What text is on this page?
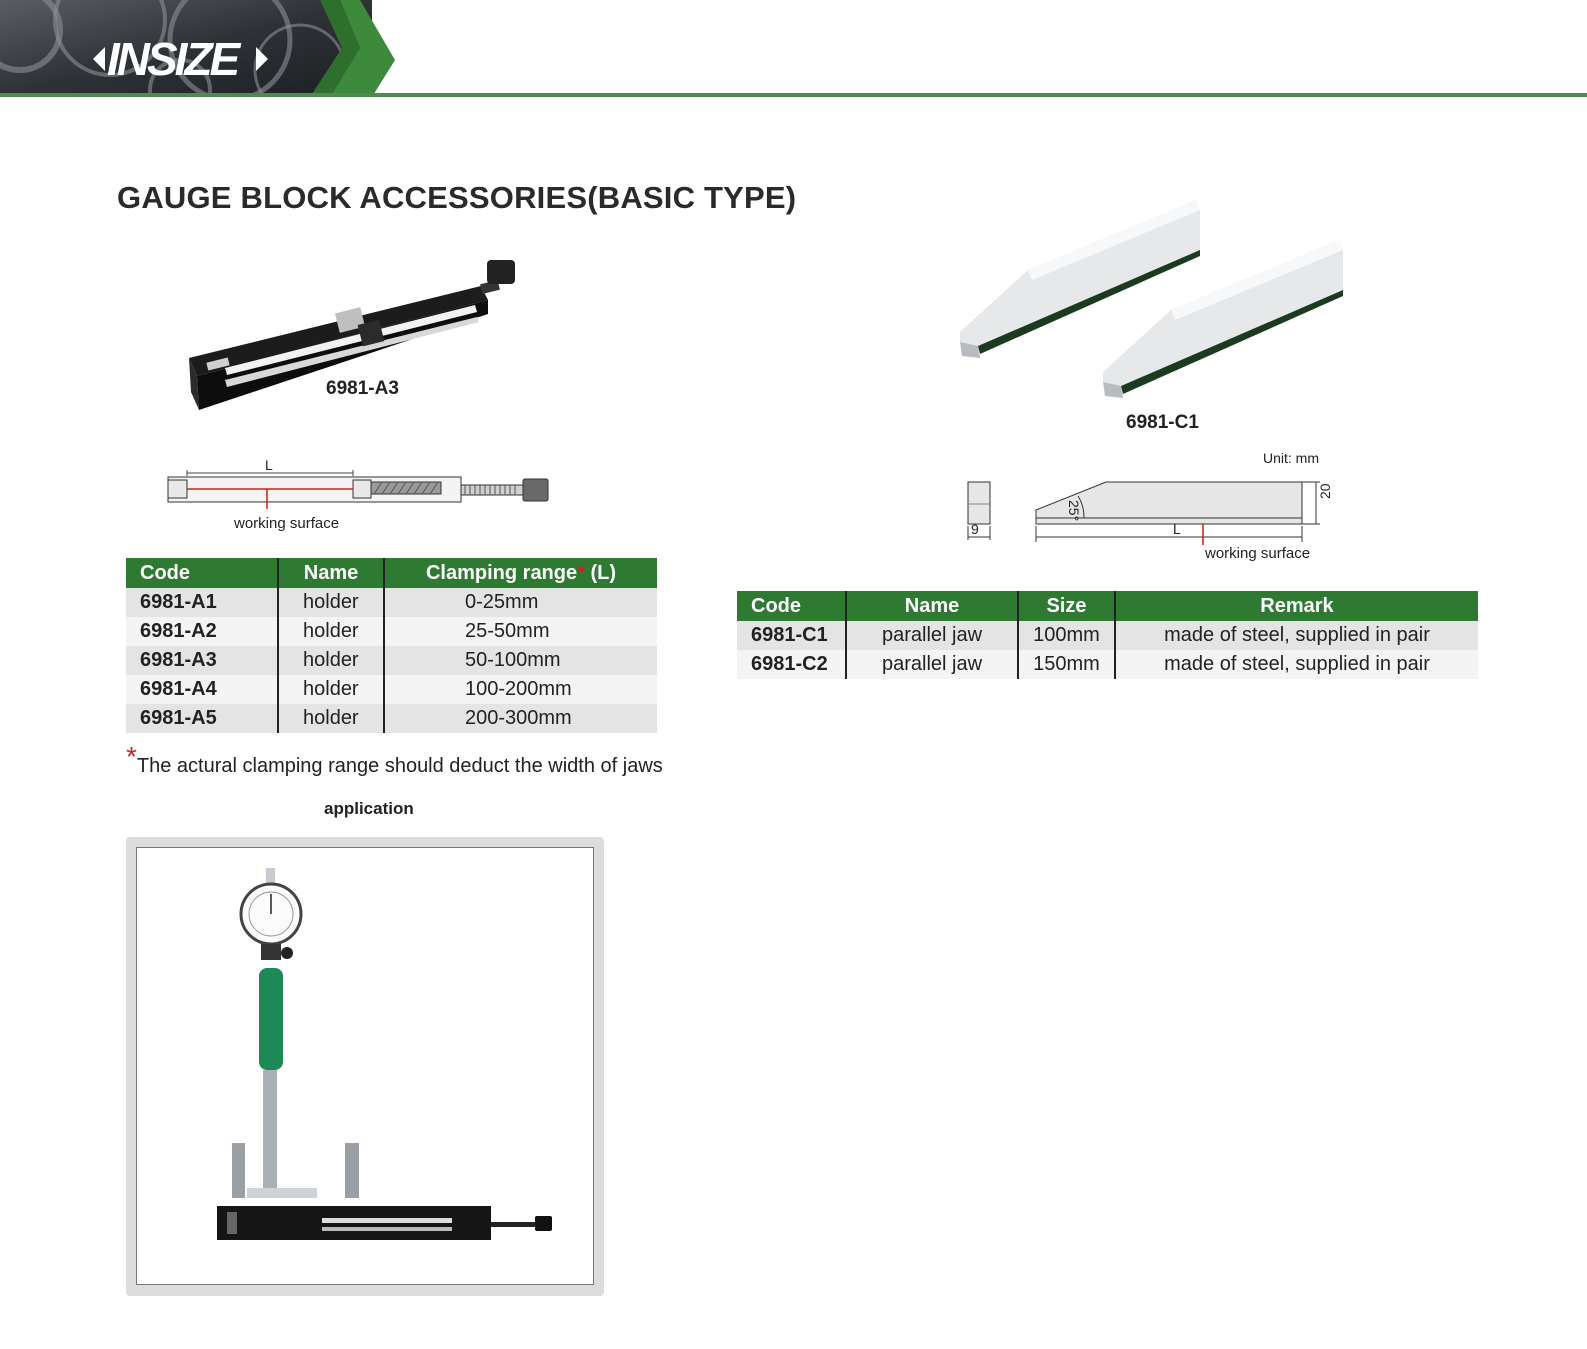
INSIZE
GAUGE BLOCK ACCESSORIES(BASIC TYPE)
6981-A3
L
working surface
Code	Name	Clamping range* (L)
6981-A1	holder	0-25mm
6981-A2	holder	25-50mm
6981-A3	holder	50-100mm
6981-A4	holder	100-200mm
6981-A5	holder	200-300mm
*The actural clamping range should deduct the width of jaws
application
6981-C1
Unit: mm
9
25°
20
L
working surface
Code	Name	Size	Remark
6981-C1	parallel jaw	100mm	made of steel, supplied in pair
6981-C2	parallel jaw	150mm	made of steel, supplied in pair
